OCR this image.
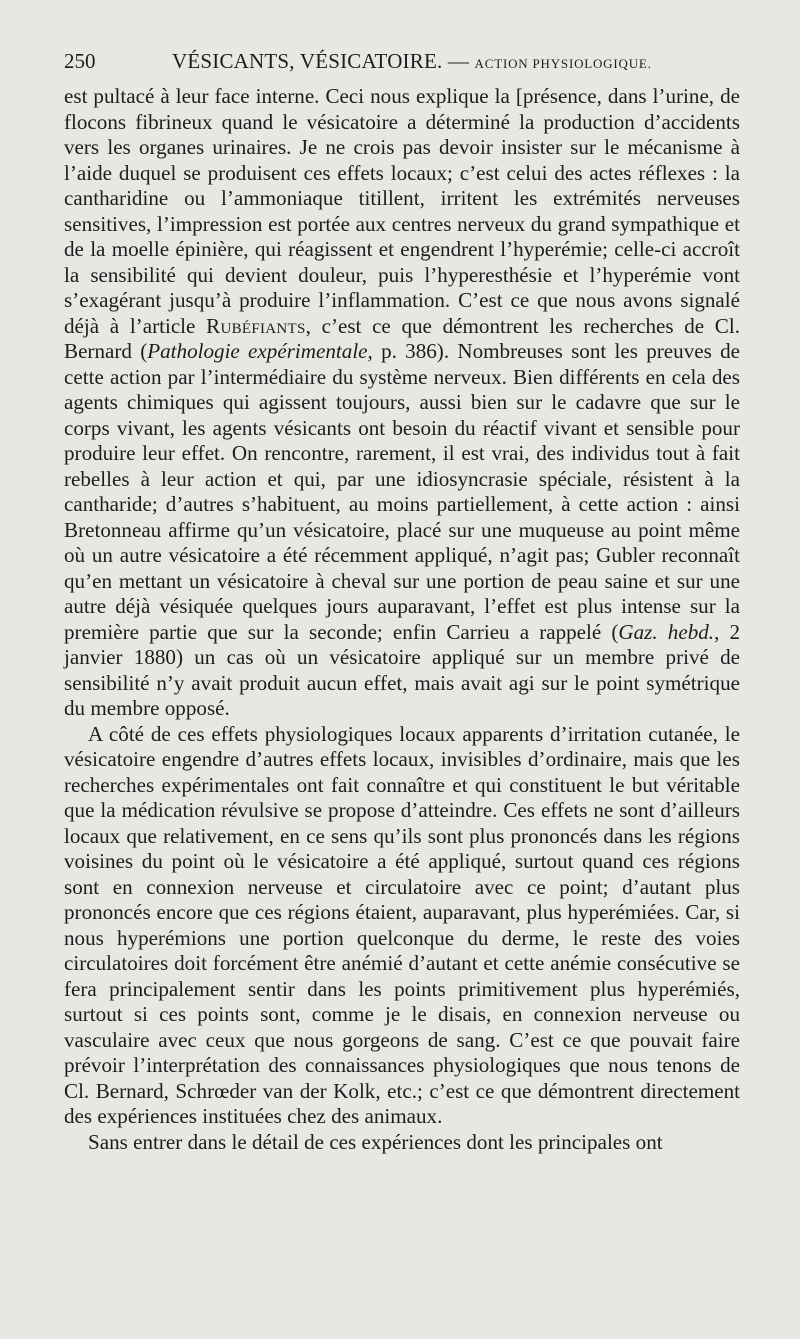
250	VÉSICANTS, VÉSICATOIRE. — ACTION PHYSIOLOGIQUE.

est pultacé à leur face interne. Ceci nous explique la [présence, dans l’urine, de flocons fibrineux quand le vésicatoire a déterminé la production d’accidents vers les organes urinaires. Je ne crois pas devoir insister sur le mécanisme à l’aide duquel se produisent ces effets locaux; c’est celui des actes réflexes : la cantharidine ou l’ammoniaque titillent, irritent les extrémités nerveuses sensitives, l’impression est portée aux centres nerveux du grand sympathique et de la moelle épinière, qui réagissent et engendrent l’hyperémie; celle-ci accroît la sensibilité qui devient douleur, puis l’hyperesthésie et l’hyperémie vont s’exagérant jusqu’à produire l’inflammation. C’est ce que nous avons signalé déjà à l’article Rubéfiants, c’est ce que démontrent les recherches de Cl. Bernard (Pathologie expérimentale, p. 386). Nombreuses sont les preuves de cette action par l’intermédiaire du système nerveux. Bien différents en cela des agents chimiques qui agissent toujours, aussi bien sur le cadavre que sur le corps vivant, les agents vésicants ont besoin du réactif vivant et sensible pour produire leur effet. On rencontre, rarement, il est vrai, des individus tout à fait rebelles à leur action et qui, par une idiosyncrasie spéciale, résistent à la cantharide; d’autres s’habituent, au moins partiellement, à cette action : ainsi Bretonneau affirme qu’un vésicatoire, placé sur une muqueuse au point même où un autre vésicatoire a été récemment appliqué, n’agit pas; Gubler reconnaît qu’en mettant un vésicatoire à cheval sur une portion de peau saine et sur une autre déjà vésiquée quelques jours auparavant, l’effet est plus intense sur la première partie que sur la seconde; enfin Carrieu a rappelé (Gaz. hebd., 2 janvier 1880) un cas où un vésicatoire appliqué sur un membre privé de sensibilité n’y avait produit aucun effet, mais avait agi sur le point symétrique du membre opposé.

A côté de ces effets physiologiques locaux apparents d’irritation cutanée, le vésicatoire engendre d’autres effets locaux, invisibles d’ordinaire, mais que les recherches expérimentales ont fait connaître et qui constituent le but véritable que la médication révulsive se propose d’atteindre. Ces effets ne sont d’ailleurs locaux que relativement, en ce sens qu’ils sont plus prononcés dans les régions voisines du point où le vésicatoire a été appliqué, surtout quand ces régions sont en connexion nerveuse et circulatoire avec ce point; d’autant plus prononcés encore que ces régions étaient, auparavant, plus hyperémiées. Car, si nous hyperémions une portion quelconque du derme, le reste des voies circulatoires doit forcément être anémié d’autant et cette anémie consécutive se fera principalement sentir dans les points primitivement plus hyperémiés, surtout si ces points sont, comme je le disais, en connexion nerveuse ou vasculaire avec ceux que nous gorgeons de sang. C’est ce que pouvait faire prévoir l’interprétation des connaissances physiologiques que nous tenons de Cl. Bernard, Schrœder van der Kolk, etc.; c’est ce que démontrent directement des expériences instituées chez des animaux.

Sans entrer dans le détail de ces expériences dont les principales ont
